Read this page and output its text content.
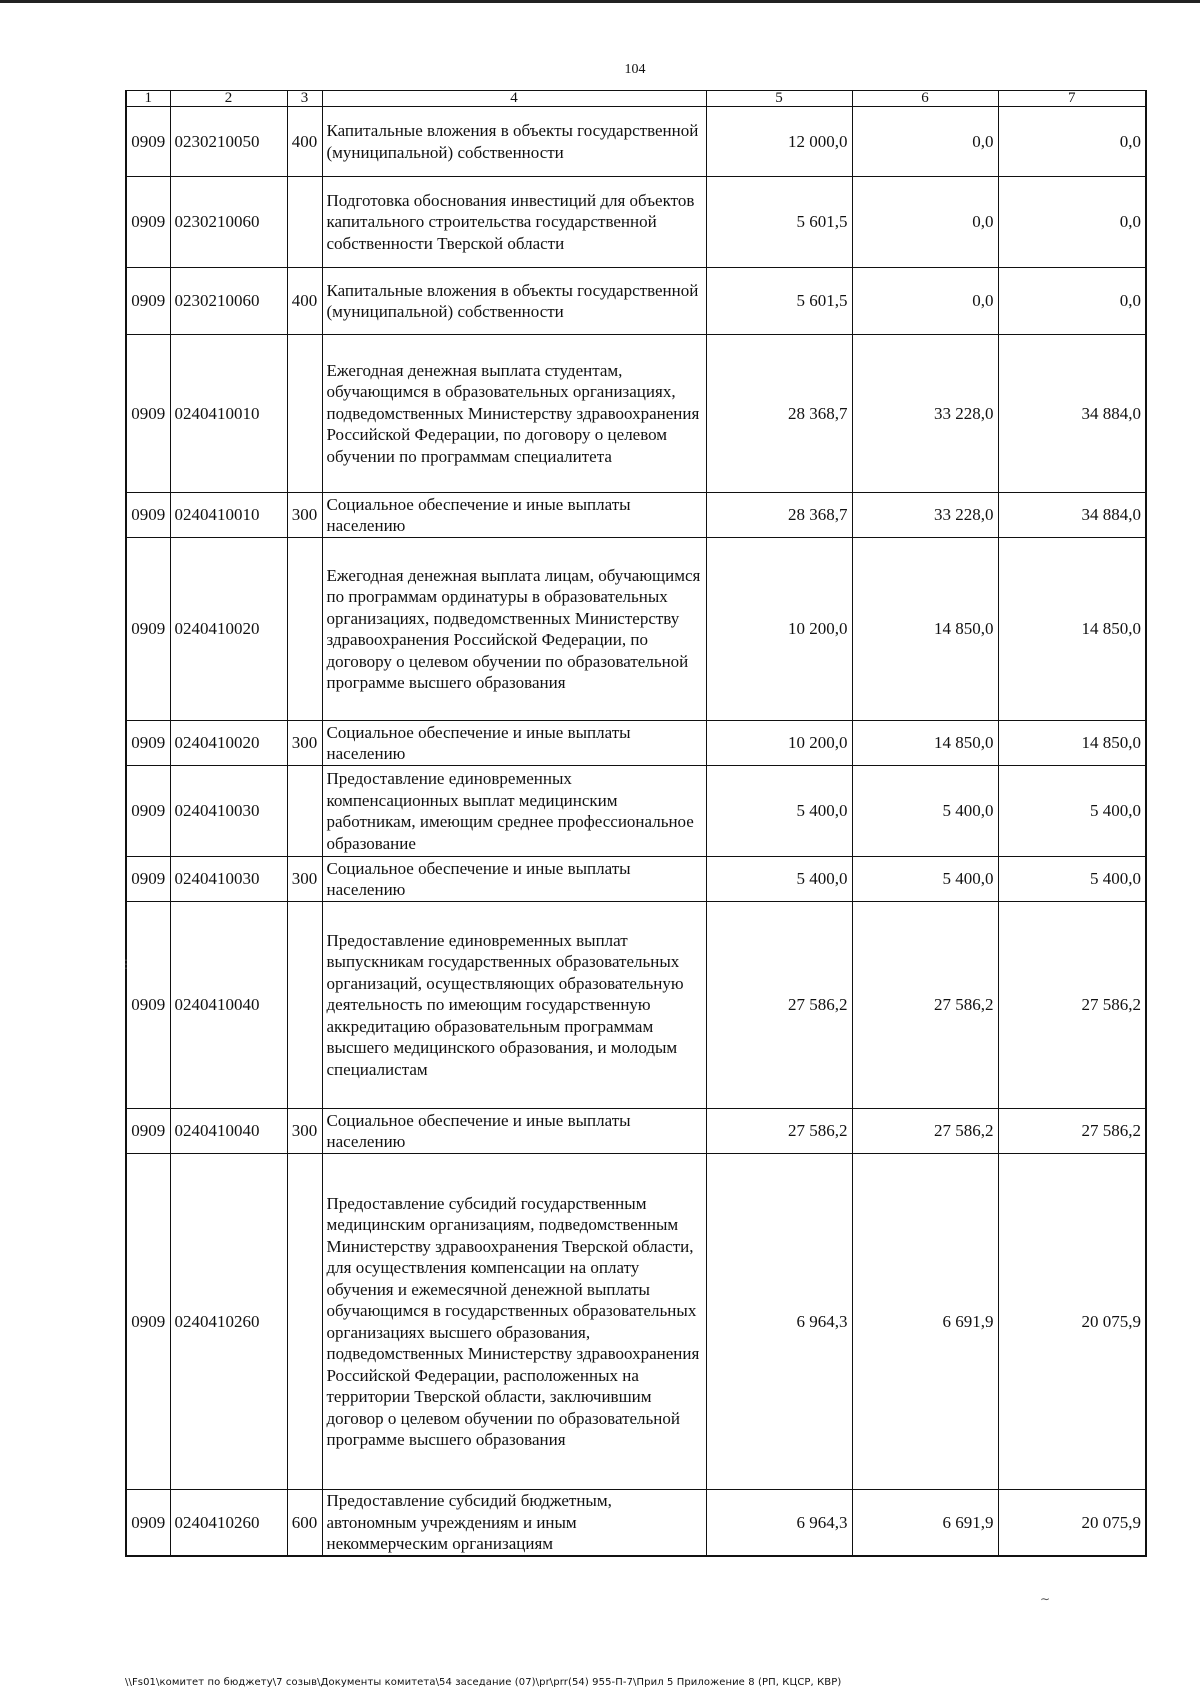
104
1	2	3	4	5	6	7
0909	0230210050	400	Капитальные вложения в объекты государственной (муниципальной) собственности	12 000,0	0,0	0,0
0909	0230210060		Подготовка обоснования инвестиций для объектов капитального строительства государственной собственности Тверской области	5 601,5	0,0	0,0
0909	0230210060	400	Капитальные вложения в объекты государственной (муниципальной) собственности	5 601,5	0,0	0,0
0909	0240410010		Ежегодная денежная выплата студентам, обучающимся в образовательных организациях, подведомственных Министерству здравоохранения Российской Федерации, по договору о целевом обучении по программам специалитета	28 368,7	33 228,0	34 884,0
0909	0240410010	300	Социальное обеспечение и иные выплаты населению	28 368,7	33 228,0	34 884,0
0909	0240410020		Ежегодная денежная выплата лицам, обучающимся по программам ординатуры в образовательных организациях, подведомственных Министерству здравоохранения Российской Федерации, по договору о целевом обучении по образовательной программе высшего образования	10 200,0	14 850,0	14 850,0
0909	0240410020	300	Социальное обеспечение и иные выплаты населению	10 200,0	14 850,0	14 850,0
0909	0240410030		Предоставление единовременных компенсационных выплат медицинским работникам, имеющим среднее профессиональное образование	5 400,0	5 400,0	5 400,0
0909	0240410030	300	Социальное обеспечение и иные выплаты населению	5 400,0	5 400,0	5 400,0
0909	0240410040		Предоставление единовременных выплат выпускникам государственных образовательных организаций, осуществляющих образовательную деятельность по имеющим государственную аккредитацию образовательным программам высшего медицинского образования, и молодым специалистам	27 586,2	27 586,2	27 586,2
0909	0240410040	300	Социальное обеспечение и иные выплаты населению	27 586,2	27 586,2	27 586,2
0909	0240410260		Предоставление субсидий государственным медицинским организациям, подведомственным Министерству здравоохранения Тверской области, для осуществления компенсации на оплату обучения и ежемесячной денежной выплаты обучающимся в государственных образовательных организациях высшего образования, подведомственных Министерству здравоохранения Российской Федерации, расположенных на территории Тверской области, заключившим договор о целевом обучении по образовательной программе высшего образования	6 964,3	6 691,9	20 075,9
0909	0240410260	600	Предоставление субсидий бюджетным, автономным учреждениям и иным некоммерческим организациям	6 964,3	6 691,9	20 075,9
\\Fs01\комитет по бюджету\7 созыв\Документы комитета\54 заседание (07)\pr\prr(54) 955-П-7\Прил 5 Приложение 8 (РП, КЦСР, КВР)
⋮
∼
